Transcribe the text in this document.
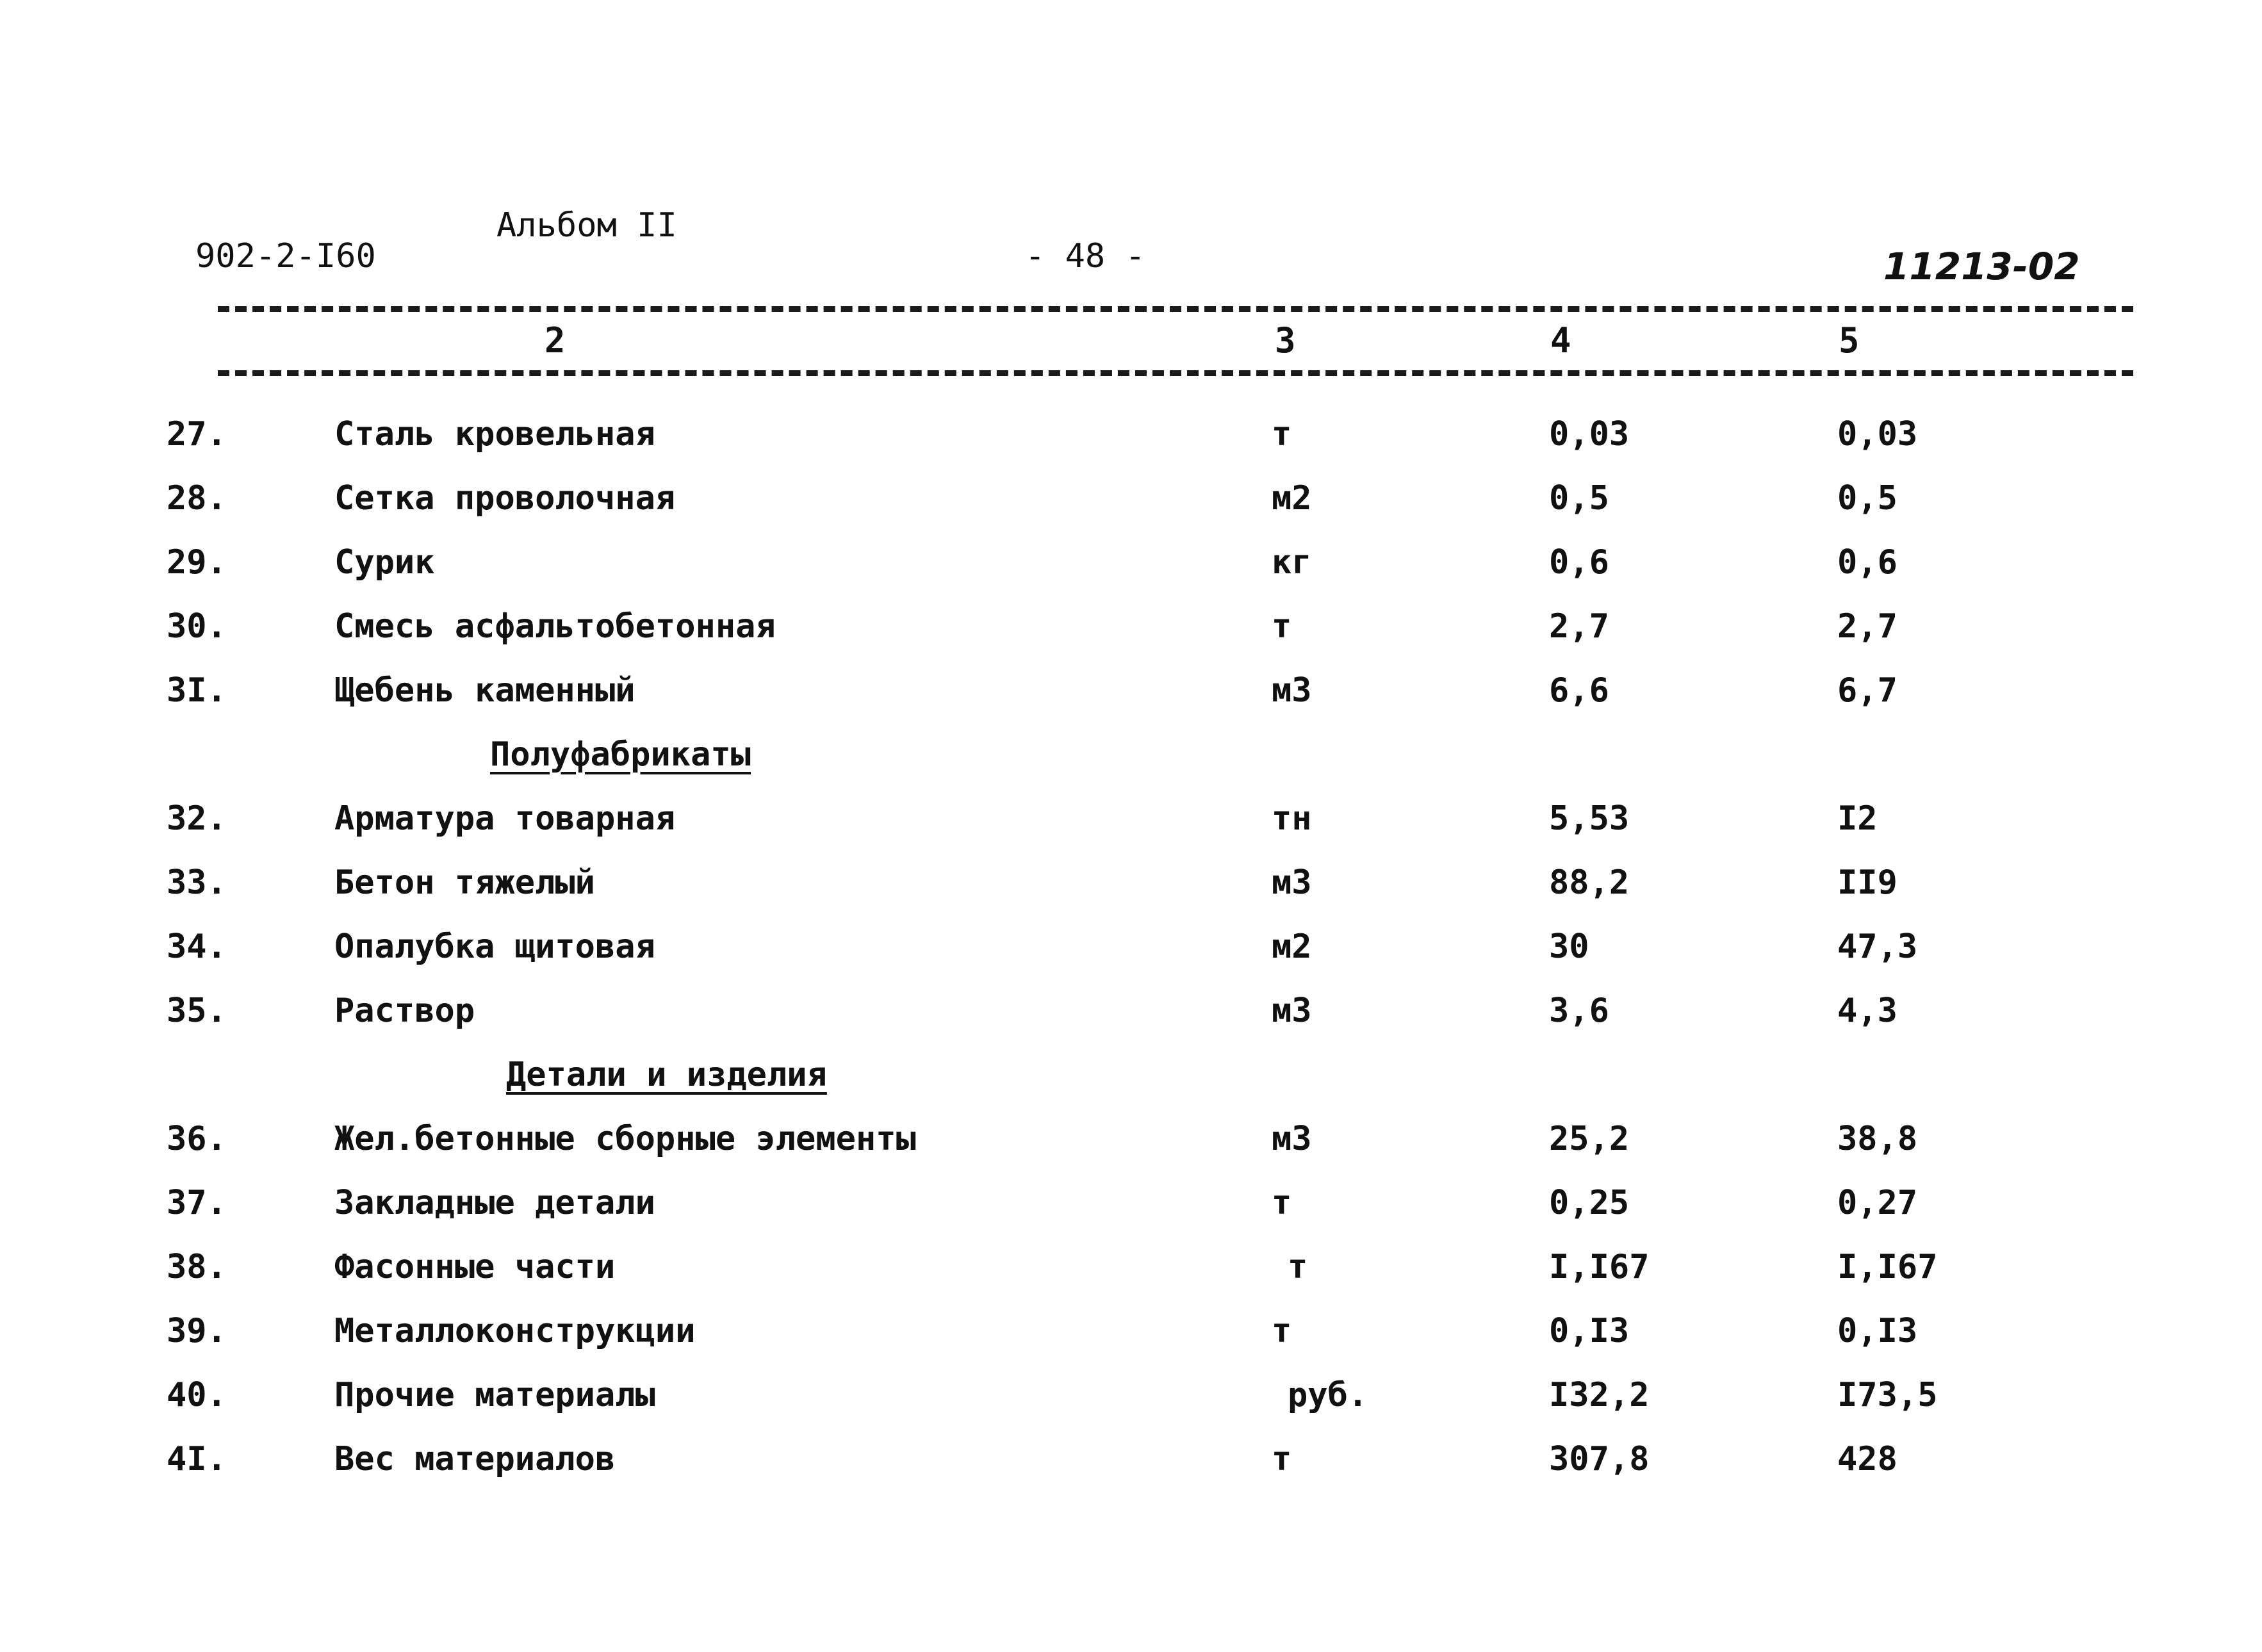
Альбом II
902-2-I60	- 48 -	11213-02
2	3	4	5
27.	Сталь кровельная	т	0,03	0,03
28.	Сетка проволочная	м2	0,5	0,5
29.	Сурик	кг	0,6	0,6
30.	Смесь асфальтобетонная	т	2,7	2,7
3I.	Щебень каменный	м3	6,6	6,7
Полуфабрикаты
32.	Арматура товарная	тн	5,53	I2
33.	Бетон тяжелый	м3	88,2	II9
34.	Опалубка щитовая	м2	30	47,3
35.	Раствор	м3	3,6	4,3
Детали и изделия
36.	Жел.бетонные сборные элементы	м3	25,2	38,8
37.	Закладные детали	т	0,25	0,27
38.	Фасонные части	т	I,I67	I,I67
39.	Металлоконструкции	т	0,I3	0,I3
40.	Прочие материалы	руб.	I32,2	I73,5
4I.	Вес материалов	т	307,8	428
